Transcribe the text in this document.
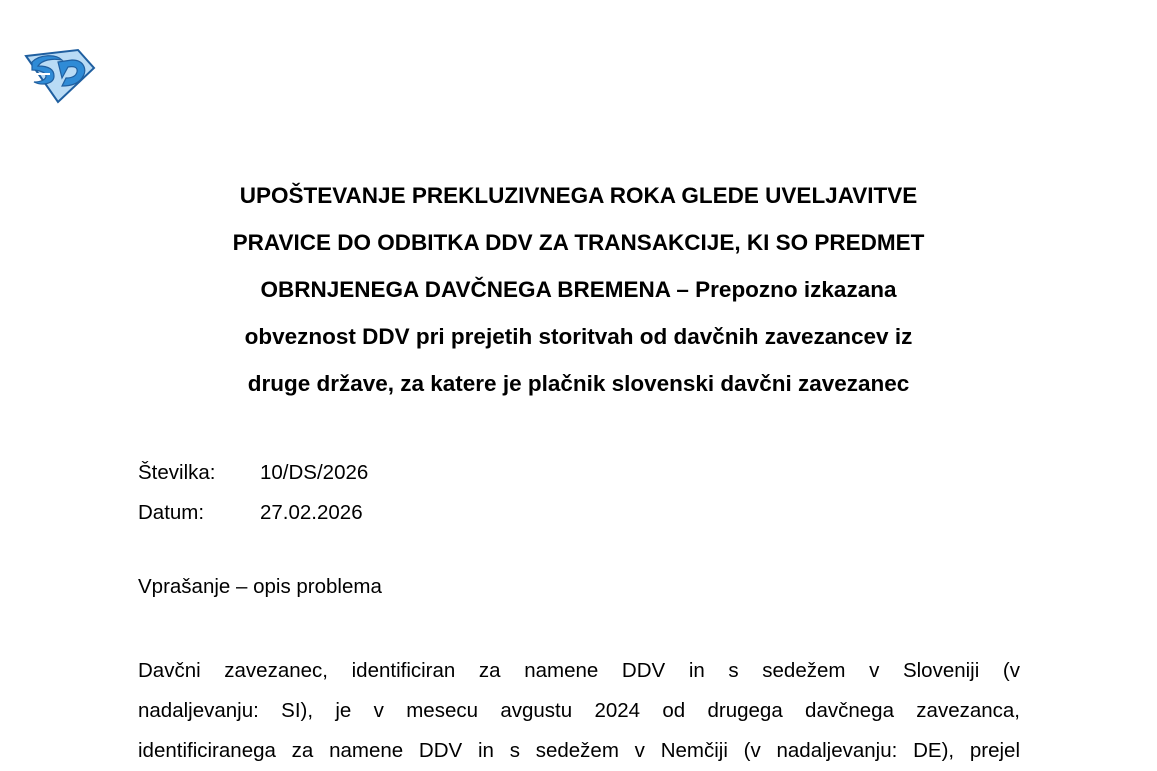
UPOŠTEVANJE PREKLUZIVNEGA ROKA GLEDE UVELJAVITVE
PRAVICE DO ODBITKA DDV ZA TRANSAKCIJE, KI SO PREDMET
OBRNJENEGA DAVČNEGA BREMENA – Prepozno izkazana
obveznost DDV pri prejetih storitvah od davčnih zavezancev iz
druge države, za katere je plačnik slovenski davčni zavezanec
Številka: 10/DS/2026
Datum:	27.02.2026
Vprašanje – opis problema
Davčni zavezanec, identificiran za namene DDV in s sedežem v Sloveniji (v
nadaljevanju: SI), je v mesecu avgustu 2024 od drugega davčnega zavezanca,
identificiranega za namene DDV in s sedežem v Nemčiji (v nadaljevanju: DE), prejel
